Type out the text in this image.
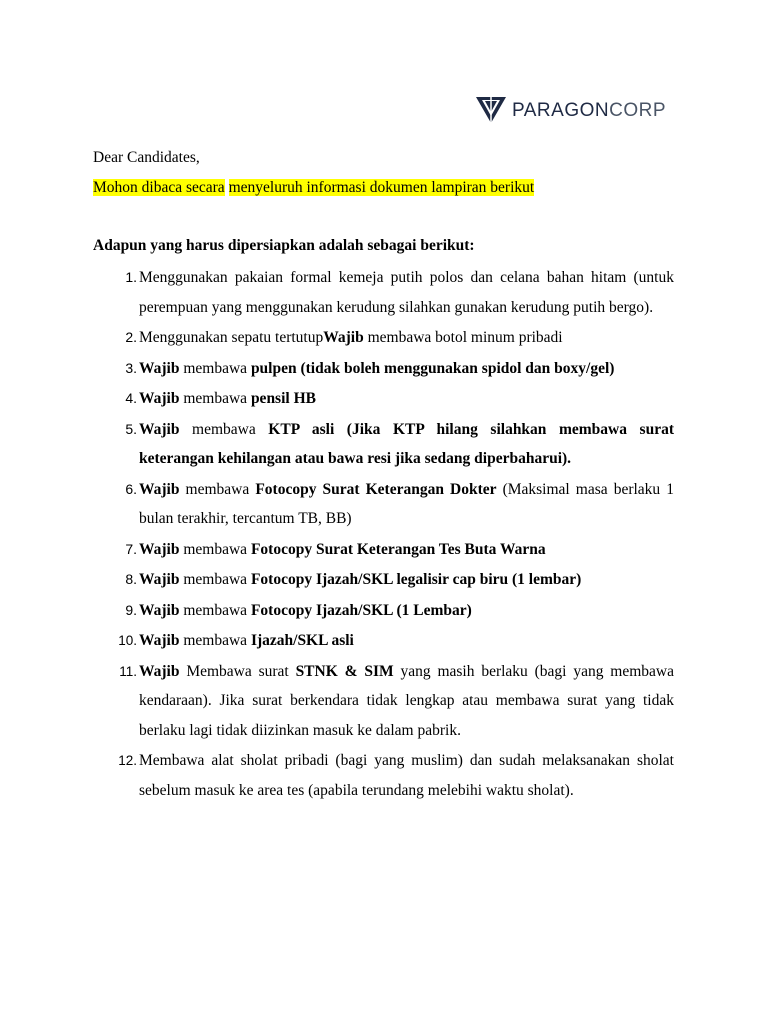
PARAGONCORP

Dear Candidates,

Mohon dibaca secara menyeluruh informasi dokumen lampiran berikut

Adapun yang harus dipersiapkan adalah sebagai berikut:

1. Menggunakan pakaian formal kemeja putih polos dan celana bahan hitam (untuk perempuan yang menggunakan kerudung silahkan gunakan kerudung putih bergo).
2. Menggunakan sepatu tertutupWajib membawa botol minum pribadi
3. Wajib membawa pulpen (tidak boleh menggunakan spidol dan boxy/gel)
4. Wajib membawa pensil HB
5. Wajib membawa KTP asli (Jika KTP hilang silahkan membawa surat keterangan kehilangan atau bawa resi jika sedang diperbaharui).
6. Wajib membawa Fotocopy Surat Keterangan Dokter (Maksimal masa berlaku 1 bulan terakhir, tercantum TB, BB)
7. Wajib membawa Fotocopy Surat Keterangan Tes Buta Warna
8. Wajib membawa Fotocopy Ijazah/SKL legalisir cap biru (1 lembar)
9. Wajib membawa Fotocopy Ijazah/SKL (1 Lembar)
10. Wajib membawa Ijazah/SKL asli
11. Wajib Membawa surat STNK & SIM yang masih berlaku (bagi yang membawa kendaraan). Jika surat berkendara tidak lengkap atau membawa surat yang tidak berlaku lagi tidak diizinkan masuk ke dalam pabrik.
12. Membawa alat sholat pribadi (bagi yang muslim) dan sudah melaksanakan sholat sebelum masuk ke area tes (apabila terundang melebihi waktu sholat).
